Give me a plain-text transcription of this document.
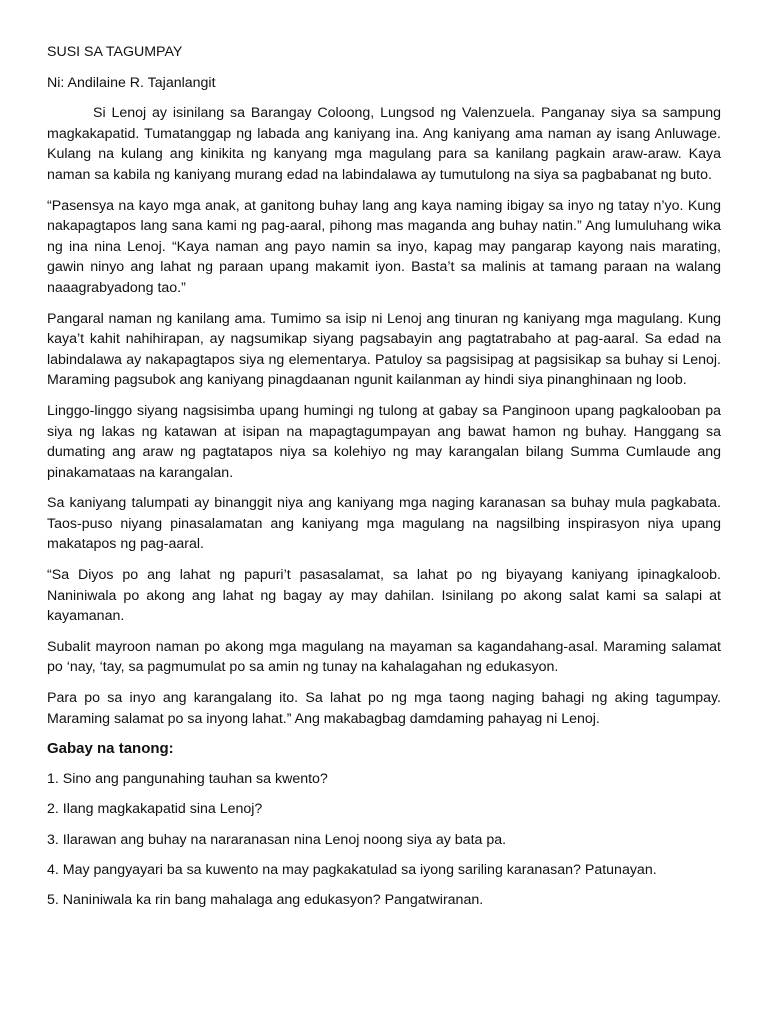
SUSI SA TAGUMPAY
Ni: Andilaine R. Tajanlangit

Si Lenoj ay isinilang sa Barangay Coloong, Lungsod ng Valenzuela. Panganay siya sa sampung magkakapatid. Tumatanggap ng labada ang kaniyang ina. Ang kaniyang ama naman ay isang Anluwage. Kulang na kulang ang kinikita ng kanyang mga magulang para sa kanilang pagkain araw-araw. Kaya naman sa kabila ng kaniyang murang edad na labindalawa ay tumutulong na siya sa pagbabanat ng buto.

“Pasensya na kayo mga anak, at ganitong buhay lang ang kaya naming ibigay sa inyo ng tatay n’yo. Kung nakapagtapos lang sana kami ng pag-aaral, pihong mas maganda ang buhay natin.” Ang lumuluhang wika ng ina nina Lenoj. “Kaya naman ang payo namin sa inyo, kapag may pangarap kayong nais marating, gawin ninyo ang lahat ng paraan upang makamit iyon. Basta’t sa malinis at tamang paraan na walang naaagrabyadong tao.”

Pangaral naman ng kanilang ama. Tumimo sa isip ni Lenoj ang tinuran ng kaniyang mga magulang. Kung kaya’t kahit nahihirapan, ay nagsumikap siyang pagsabayin ang pagtatrabaho at pag-aaral. Sa edad na labindalawa ay nakapagtapos siya ng elementarya. Patuloy sa pagsisipag at pagsisikap sa buhay si Lenoj. Maraming pagsubok ang kaniyang pinagdaanan ngunit kailanman ay hindi siya pinanghinaan ng loob.

Linggo-linggo siyang nagsisimba upang humingi ng tulong at gabay sa Panginoon upang pagkalooban pa siya ng lakas ng katawan at isipan na mapagtagumpayan ang bawat hamon ng buhay. Hanggang sa dumating ang araw ng pagtatapos niya sa kolehiyo ng may karangalan bilang Summa Cumlaude ang pinakamataas na karangalan.

Sa kaniyang talumpati ay binanggit niya ang kaniyang mga naging karanasan sa buhay mula pagkabata. Taos-puso niyang pinasalamatan ang kaniyang mga magulang na nagsilbing inspirasyon niya upang makatapos ng pag-aaral.

“Sa Diyos po ang lahat ng papuri’t pasasalamat, sa lahat po ng biyayang kaniyang ipinagkaloob. Naniniwala po akong ang lahat ng bagay ay may dahilan. Isinilang po akong salat kami sa salapi at kayamanan.

Subalit mayroon naman po akong mga magulang na mayaman sa kagandahang-asal. Maraming salamat po ‘nay, ‘tay, sa pagmumulat po sa amin ng tunay na kahalagahan ng edukasyon.

Para po sa inyo ang karangalang ito. Sa lahat po ng mga taong naging bahagi ng aking tagumpay. Maraming salamat po sa inyong lahat.” Ang makabagbag damdaming pahayag ni Lenoj.

Gabay na tanong:
1. Sino ang pangunahing tauhan sa kwento?
2. Ilang magkakapatid sina Lenoj?
3. Ilarawan ang buhay na nararanasan nina Lenoj noong siya ay bata pa.
4. May pangyayari ba sa kuwento na may pagkakatulad sa iyong sariling karanasan? Patunayan.
5. Naniniwala ka rin bang mahalaga ang edukasyon? Pangatwiranan.
